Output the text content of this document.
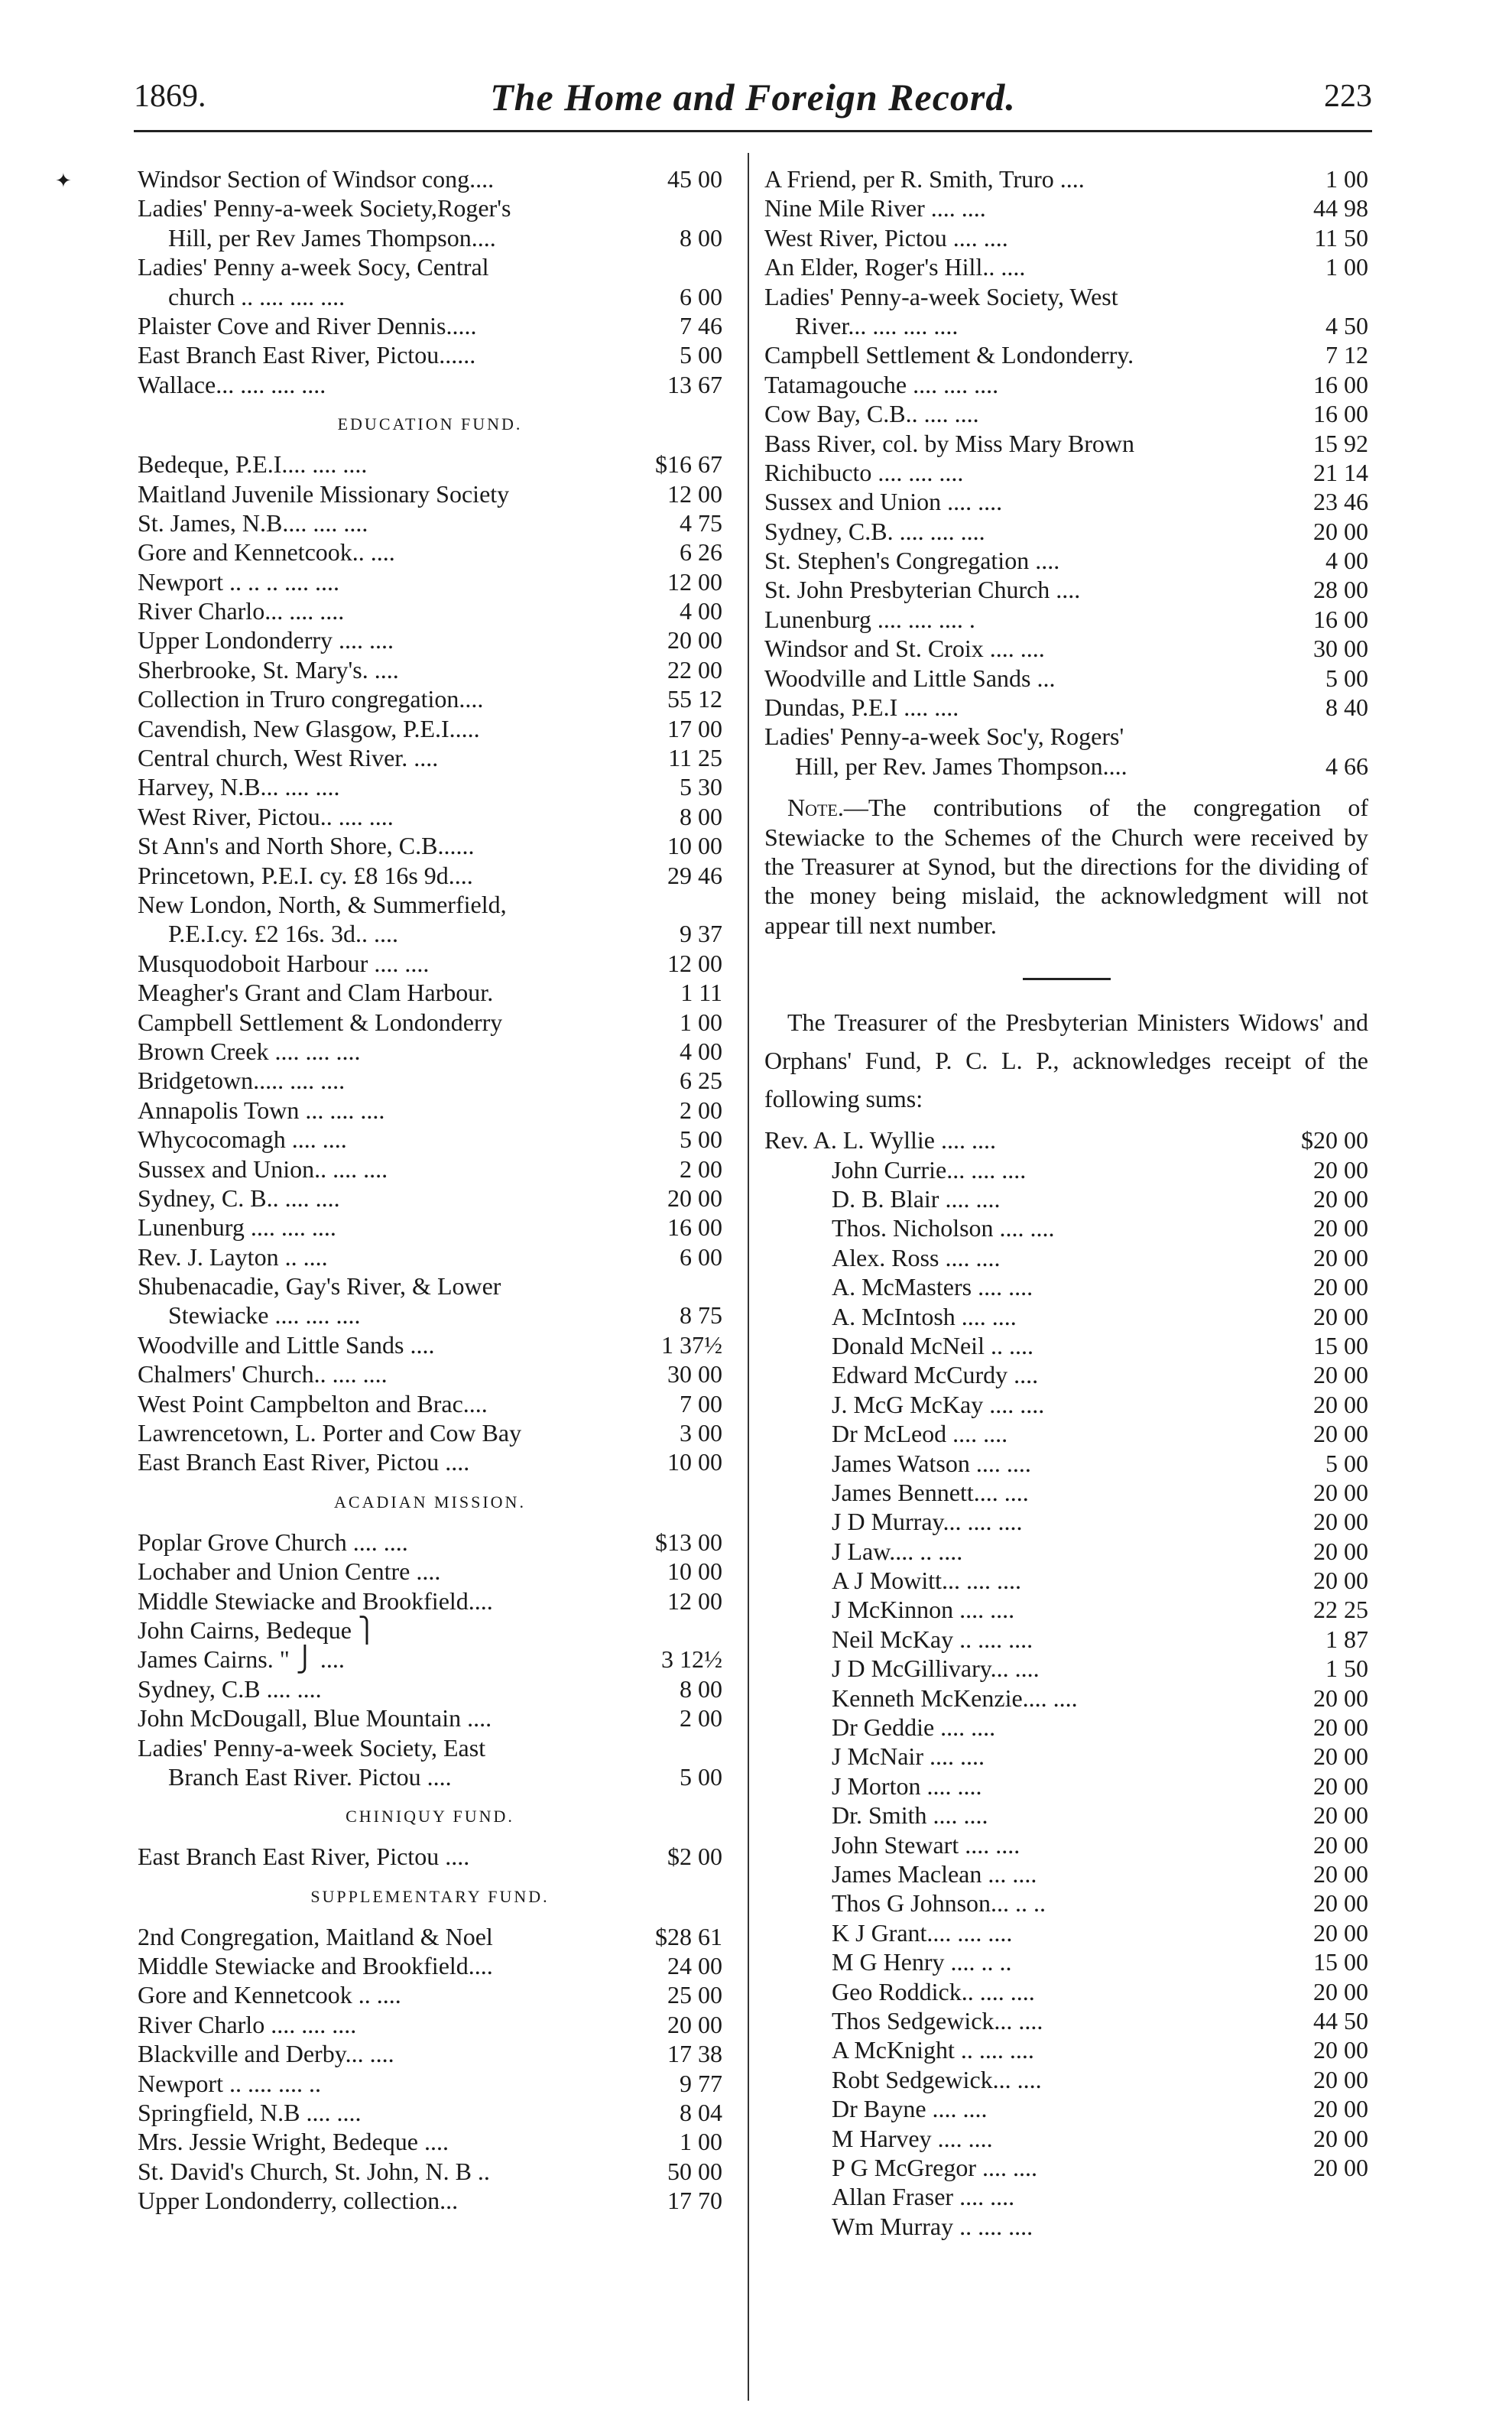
✦
1869.	The Home and Foreign Record.	223
Windsor Section of Windsor cong....	45 00
Ladies' Penny-a-week Society,Roger's
Hill, per Rev James Thompson....	8 00
Ladies' Penny a-week Socy, Central
church .. .... .... ....	6 00
Plaister Cove and River Dennis.....	7 46
East Branch East River, Pictou......	5 00
Wallace... .... .... ....	13 67
EDUCATION FUND.
Bedeque, P.E.I.... .... ....	$16 67
Maitland Juvenile Missionary Society	12 00
St. James, N.B.... .... ....	4 75
Gore and Kennetcook.. ....	6 26
Newport .. .. .. .... ....	12 00
River Charlo... .... ....	4 00
Upper Londonderry .... ....	20 00
Sherbrooke, St. Mary's. ....	22 00
Collection in Truro congregation....	55 12
Cavendish, New Glasgow, P.E.I.....	17 00
Central church, West River. ....	11 25
Harvey, N.B... .... ....	5 30
West River, Pictou.. .... ....	8 00
St Ann's and North Shore, C.B......	10 00
Princetown, P.E.I. cy. £8 16s 9d....	29 46
New London, North, & Summerfield,
P.E.I.cy. £2 16s. 3d.. ....	9 37
Musquodoboit Harbour .... ....	12 00
Meagher's Grant and Clam Harbour.	1 11
Campbell Settlement & Londonderry	1 00
Brown Creek .... .... ....	4 00
Bridgetown..... .... ....	6 25
Annapolis Town ... .... ....	2 00
Whycocomagh .... ....	5 00
Sussex and Union.. .... ....	2 00
Sydney, C. B.. .... ....	20 00
Lunenburg .... .... ....	16 00
Rev. J. Layton .. ....	6 00
Shubenacadie, Gay's River, & Lower
Stewiacke .... .... ....	8 75
Woodville and Little Sands ....	1 37½
Chalmers' Church.. .... ....	30 00
West Point Campbelton and Brac....	7 00
Lawrencetown, L. Porter and Cow Bay	3 00
East Branch East River, Pictou ....	10 00
ACADIAN MISSION.
Poplar Grove Church .... ....	$13 00
Lochaber and Union Centre ....	10 00
Middle Stewiacke and Brookfield....	12 00
John Cairns, Bedeque ⎫
James Cairns. " ⎭ ....	3 12½
Sydney, C.B .... ....	8 00
John McDougall, Blue Mountain ....	2 00
Ladies' Penny-a-week Society, East
Branch East River. Pictou ....	5 00
CHINIQUY FUND.
East Branch East River, Pictou ....	$2 00
SUPPLEMENTARY FUND.
2nd Congregation, Maitland & Noel	$28 61
Middle Stewiacke and Brookfield....	24 00
Gore and Kennetcook .. ....	25 00
River Charlo .... .... ....	20 00
Blackville and Derby... ....	17 38
Newport .. .... .... ..	9 77
Springfield, N.B .... ....	8 04
Mrs. Jessie Wright, Bedeque ....	1 00
St. David's Church, St. John, N. B ..	50 00
Upper Londonderry, collection...	17 70
A Friend, per R. Smith, Truro ....	1 00
Nine Mile River .... ....	44 98
West River, Pictou .... ....	11 50
An Elder, Roger's Hill.. ....	1 00
Ladies' Penny-a-week Society, West
River... .... .... ....	4 50
Campbell Settlement & Londonderry.	7 12
Tatamagouche .... .... ....	16 00
Cow Bay, C.B.. .... ....	16 00
Bass River, col. by Miss Mary Brown	15 92
Richibucto .... .... ....	21 14
Sussex and Union .... ....	23 46
Sydney, C.B. .... .... ....	20 00
St. Stephen's Congregation ....	4 00
St. John Presbyterian Church ....	28 00
Lunenburg .... .... .... .	16 00
Windsor and St. Croix .... ....	30 00
Woodville and Little Sands ...	5 00
Dundas, P.E.I .... ....	8 40
Ladies' Penny-a-week Soc'y, Rogers'
Hill, per Rev. James Thompson....	4 66
Note.—The contributions of the congregation of Stewiacke to the Schemes of the Church were received by the Treasurer at Synod, but the directions for the dividing of the money being mislaid, the acknowledgment will not appear till next number.
The Treasurer of the Presbyterian Ministers Widows' and Orphans' Fund, P. C. L. P., acknowledges receipt of the following sums:
Rev. A. L. Wyllie .... ....	$20 00
John Currie... .... ....	20 00
D. B. Blair .... ....	20 00
Thos. Nicholson .... ....	20 00
Alex. Ross .... ....	20 00
A. McMasters .... ....	20 00
A. McIntosh .... ....	20 00
Donald McNeil .. ....	15 00
Edward McCurdy ....	20 00
J. McG McKay .... ....	20 00
Dr McLeod .... ....	20 00
James Watson .... ....	5 00
James Bennett.... ....	20 00
J D Murray... .... ....	20 00
J Law.... .. ....	20 00
A J Mowitt... .... ....	20 00
J McKinnon .... ....	22 25
Neil McKay .. .... ....	1 87
J D McGillivary... ....	1 50
Kenneth McKenzie.... ....	20 00
Dr Geddie .... ....	20 00
J McNair .... ....	20 00
J Morton .... ....	20 00
Dr. Smith .... ....	20 00
John Stewart .... ....	20 00
James Maclean ... ....	20 00
Thos G Johnson... .. ..	20 00
K J Grant.... .... ....	20 00
M G Henry .... .. ..	15 00
Geo Roddick.. .... ....	20 00
Thos Sedgewick... ....	44 50
A McKnight .. .... ....	20 00
Robt Sedgewick... ....	20 00
Dr Bayne .... ....	20 00
M Harvey .... ....	20 00
P G McGregor .... ....	20 00
Allan Fraser .... ....
Wm Murray .. .... ....
